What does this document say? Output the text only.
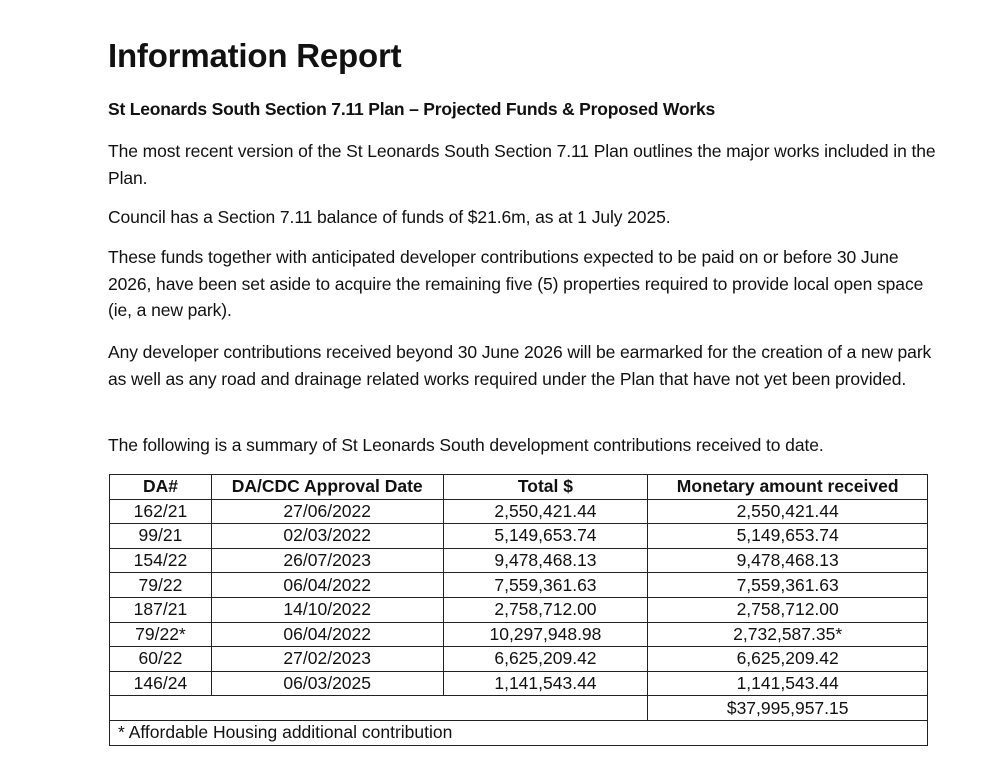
Information Report
St Leonards South Section 7.11 Plan – Projected Funds & Proposed Works

The most recent version of the St Leonards South Section 7.11 Plan outlines the major works included in the Plan.

Council has a Section 7.11 balance of funds of $21.6m, as at 1 July 2025.

These funds together with anticipated developer contributions expected to be paid on or before 30 June 2026, have been set aside to acquire the remaining five (5) properties required to provide local open space (ie, a new park).

Any developer contributions received beyond 30 June 2026 will be earmarked for the creation of a new park as well as any road and drainage related works required under the Plan that have not yet been provided.

The following is a summary of St Leonards South development contributions received to date.

DA#	DA/CDC Approval Date	Total $	Monetary amount received
162/21	27/06/2022	2,550,421.44	2,550,421.44
99/21	02/03/2022	5,149,653.74	5,149,653.74
154/22	26/07/2023	9,478,468.13	9,478,468.13
79/22	06/04/2022	7,559,361.63	7,559,361.63
187/21	14/10/2022	2,758,712.00	2,758,712.00
79/22*	06/04/2022	10,297,948.98	2,732,587.35*
60/22	27/02/2023	6,625,209.42	6,625,209.42
146/24	06/03/2025	1,141,543.44	1,141,543.44
			$37,995,957.15
* Affordable Housing additional contribution			
